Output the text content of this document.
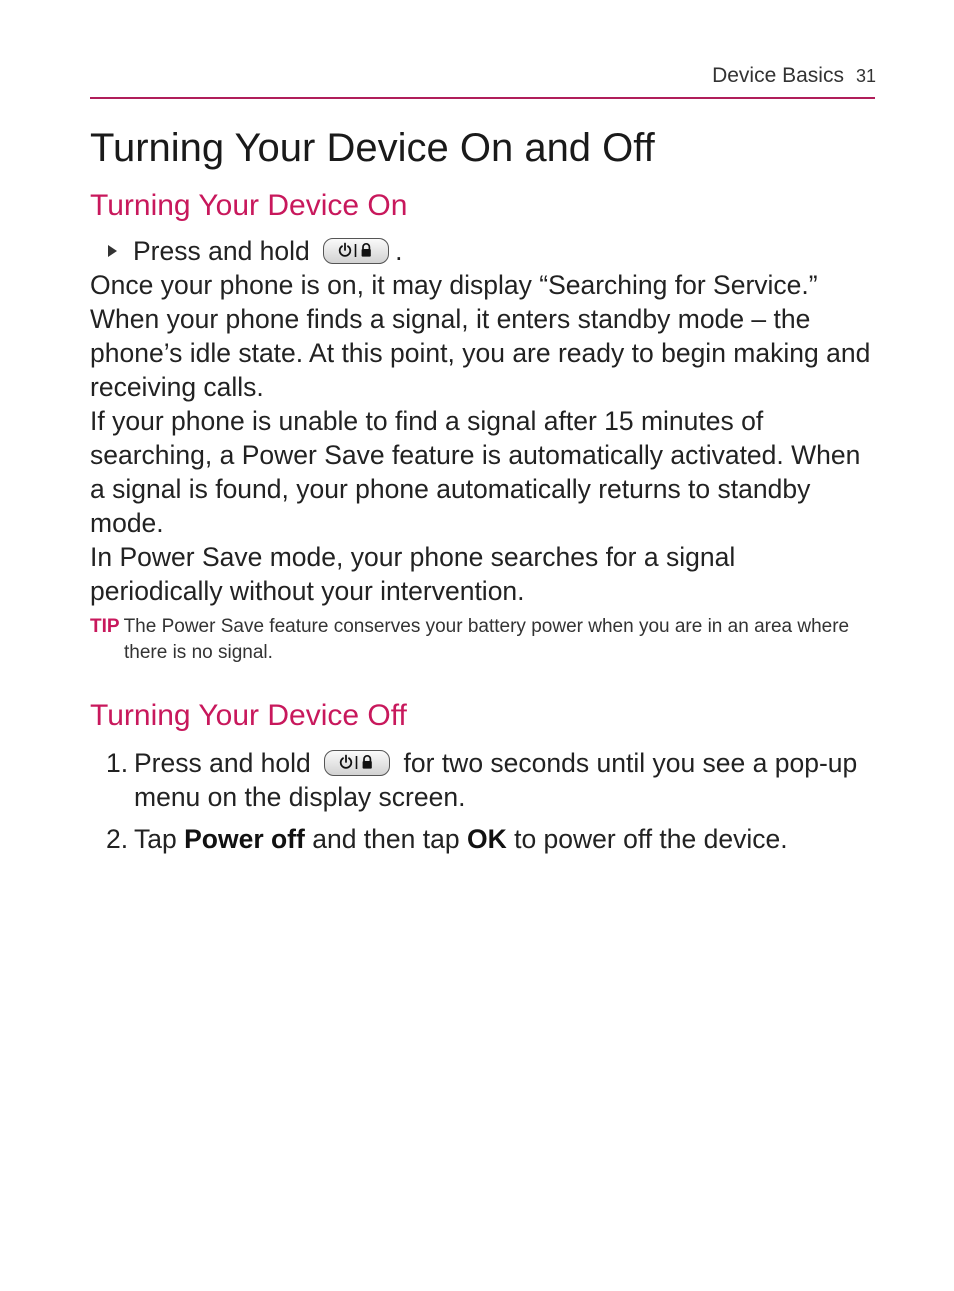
Device Basics 31
Turning Your Device On and Off
Turning Your Device On
Press and hold	.

Once your phone is on, it may display “Searching for Service.” When your phone finds a signal, it enters standby mode – the phone’s idle state. At this point, you are ready to begin making and receiving calls.

If your phone is unable to find a signal after 15 minutes of searching, a Power Save feature is automatically activated. When a signal is found, your phone automatically returns to standby mode.

In Power Save mode, your phone searches for a signal periodically without your intervention.

TIP The Power Save feature conserves your battery power when you are in an area where there is no signal.
Turning Your Device Off
1. Press and hold	for two seconds until you see a pop-up menu on the display screen.
2. Tap Power off and then tap OK to power off the device.
